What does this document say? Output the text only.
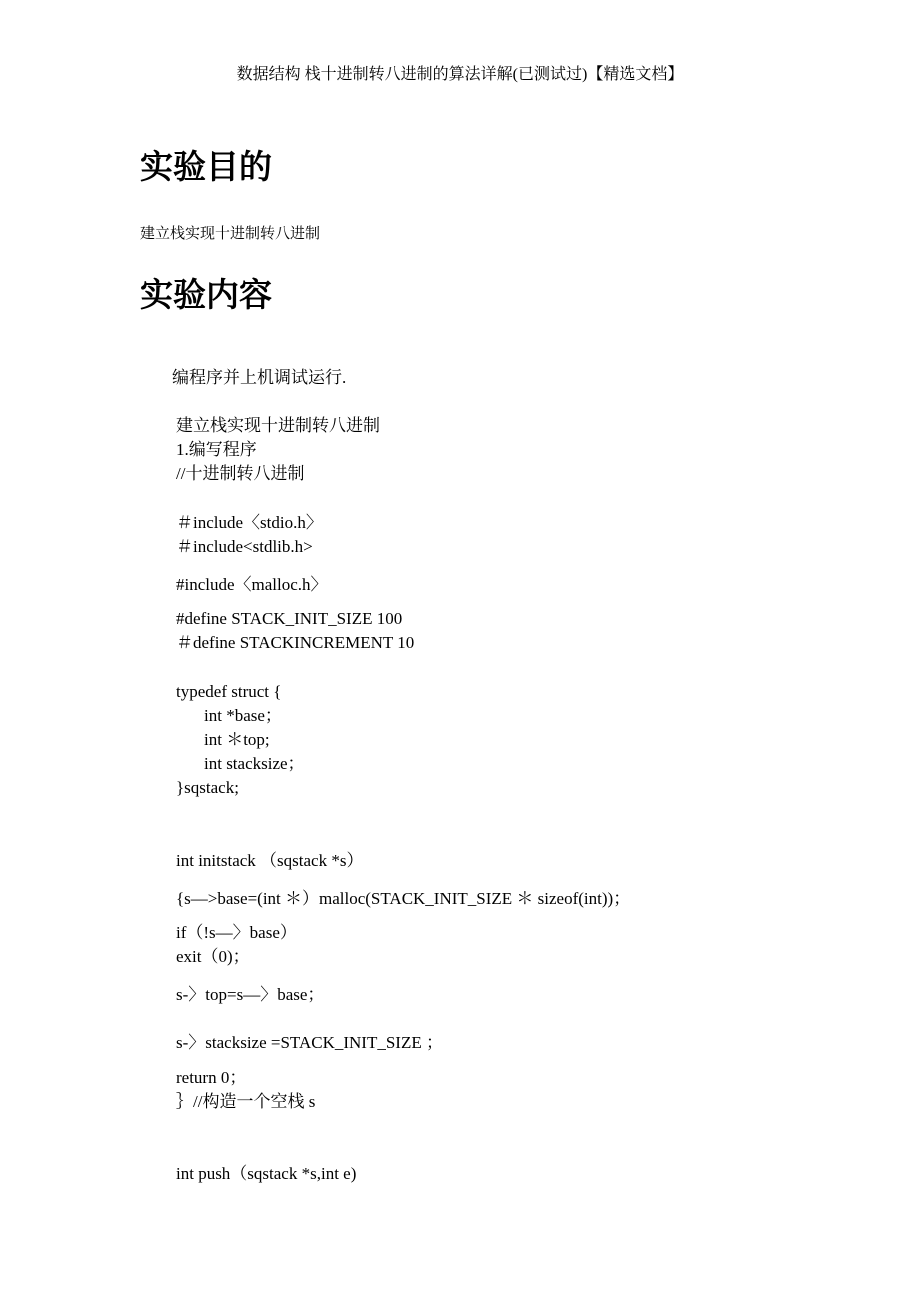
数据结构 栈十进制转八进制的算法详解(已测试过)【精选文档】
实验目的
建立栈实现十进制转八进制
实验内容
编程序并上机调试运行.
建立栈实现十进制转八进制
1.编写程序
//十进制转八进制
＃include〈stdio.h〉
＃include<stdlib.h>
#include〈malloc.h〉
#define STACK_INIT_SIZE 100
＃define STACKINCREMENT 10
typedef struct {
int *base；
int ＊top;
int stacksize；
}sqstack;
int initstack （sqstack *s）
{s—>base=(int ＊）malloc(STACK_INIT_SIZE ＊ sizeof(int))；
if（!s—〉base）
exit（0)；
s-〉top=s—〉base；
s-〉stacksize =STACK_INIT_SIZE ；
return 0；
｝//构造一个空栈 s
int push（sqstack *s,int e)
